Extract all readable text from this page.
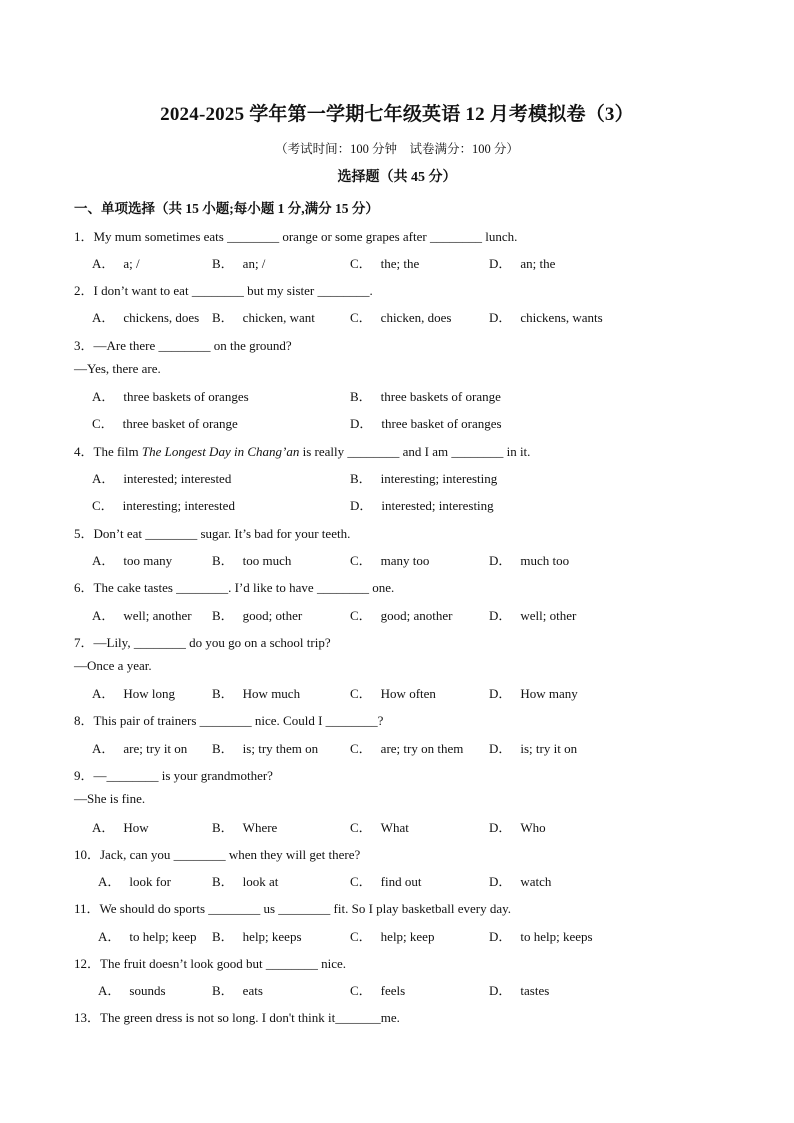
2024-2025 学年第一学期七年级英语 12 月考模拟卷（3）
（考试时间：100 分钟　试卷满分：100 分）
选择题（共 45 分）
一、单项选择（共 15 小题;每小题 1 分,满分 15 分）
1．My mum sometimes eats ________ orange or some grapes after ________ lunch.
A． a; /	B． an; /	C． the; the	D． an; the
2．I don’t want to eat ________ but my sister ________.
A． chickens, does B． chicken, want	C． chicken, does	D． chickens, wants
3．—Are there ________ on the ground?
—Yes, there are.
A． three baskets of oranges	B． three baskets of orange
C． three basket of orange	D． three basket of oranges
4．The film The Longest Day in Chang’an is really ________ and I am ________ in it.
A． interested; interested	B． interesting; interesting
C． interesting; interested	D． interested; interesting
5．Don’t eat ________ sugar. It’s bad for your teeth.
A． too many	B． too much	C． many too	D． much too
6．The cake tastes ________. I’d like to have ________ one.
A． well; another B． good; other	C． good; another	D． well; other
7．—Lily, ________ do you go on a school trip?
—Once a year.
A． How long	B． How much	C． How often	D． How many
8．This pair of trainers ________ nice. Could I ________?
A． are; try it on B． is; try them on C． are; try on them D． is; try it on
9．—________ is your grandmother?
—She is fine.
A． How	B． Where	C． What	D． Who
10．Jack, can you ________ when they will get there?
A． look for	B． look at	C． find out	D． watch
11．We should do sports ________ us ________ fit. So I play basketball every day.
A． to help; keep B． help; keeps	C． help; keep	D． to help; keeps
12．The fruit doesn’t look good but ________ nice.
A． sounds	B． eats	C． feels	D． tastes
13．The green dress is not so long. I don't think it_______me.
